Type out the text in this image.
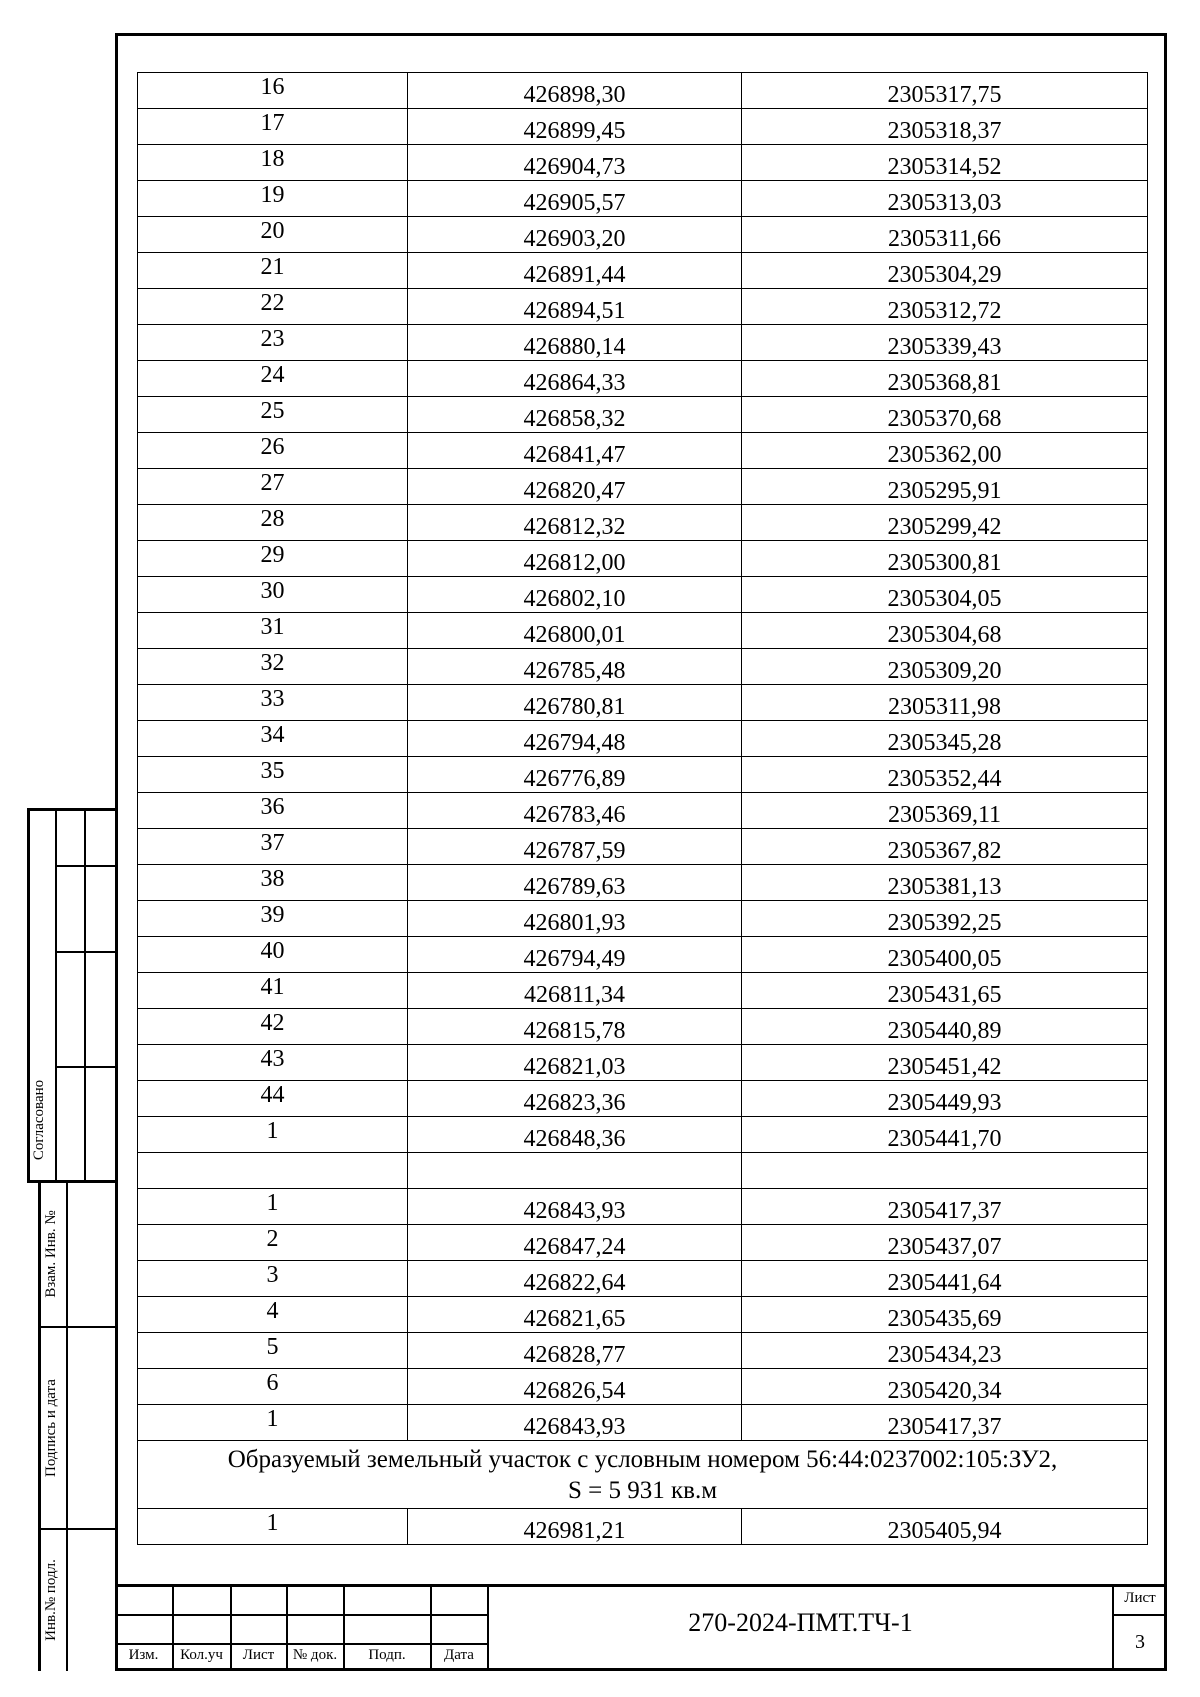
16	426898,30	2305317,75
17	426899,45	2305318,37
18	426904,73	2305314,52
19	426905,57	2305313,03
20	426903,20	2305311,66
21	426891,44	2305304,29
22	426894,51	2305312,72
23	426880,14	2305339,43
24	426864,33	2305368,81
25	426858,32	2305370,68
26	426841,47	2305362,00
27	426820,47	2305295,91
28	426812,32	2305299,42
29	426812,00	2305300,81
30	426802,10	2305304,05
31	426800,01	2305304,68
32	426785,48	2305309,20
33	426780,81	2305311,98
34	426794,48	2305345,28
35	426776,89	2305352,44
36	426783,46	2305369,11
37	426787,59	2305367,82
38	426789,63	2305381,13
39	426801,93	2305392,25
40	426794,49	2305400,05
41	426811,34	2305431,65
42	426815,78	2305440,89
43	426821,03	2305451,42
44	426823,36	2305449,93
1	426848,36	2305441,70

1	426843,93	2305417,37
2	426847,24	2305437,07
3	426822,64	2305441,64
4	426821,65	2305435,69
5	426828,77	2305434,23
6	426826,54	2305420,34
1	426843,93	2305417,37

Образуемый земельный участок с условным номером 56:44:0237002:105:ЗУ2,
S = 5 931 кв.м		

1	426981,21	2305405,94
Согласовано
Взам. Инв. №
Подпись и дата
Инв.№ подл.
Изм.	Кол.уч	Лист	№ док.	Подп.	Дата
270-2024-ПМТ.ТЧ-1
Лист
3
